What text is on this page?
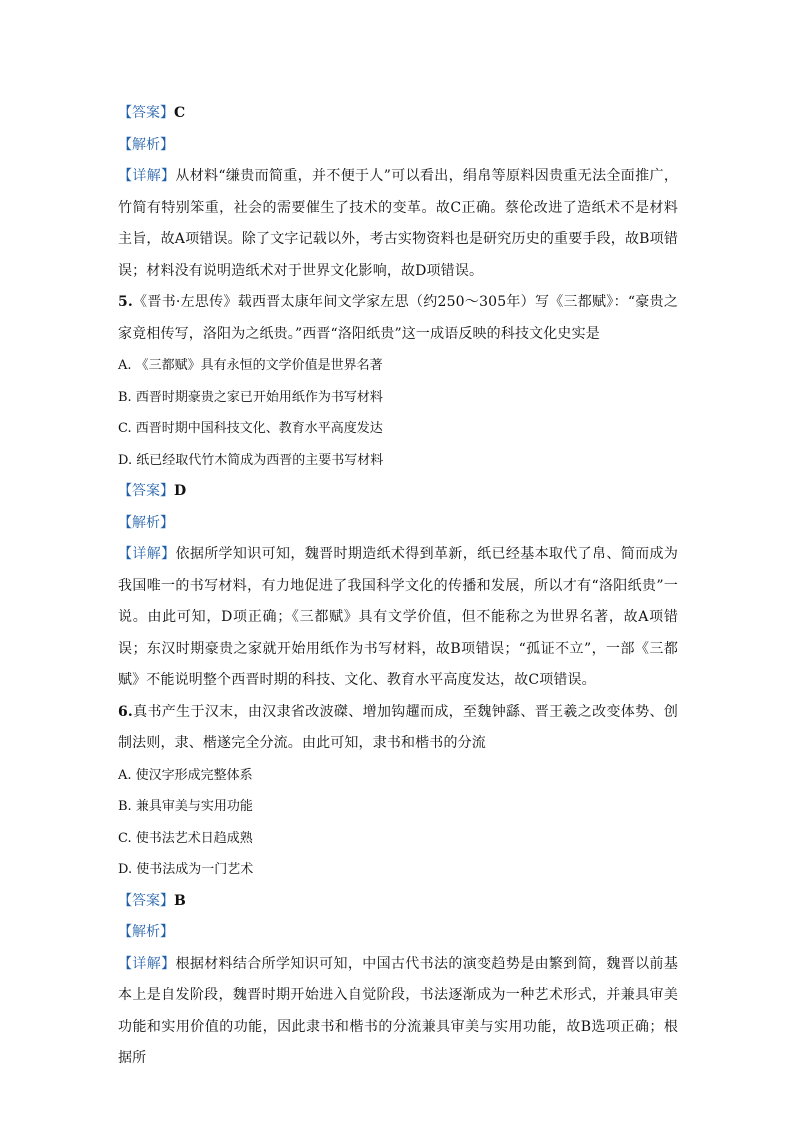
【答案】C
【解析】
【详解】从材料“缣贵而简重，并不便于人”可以看出，绢帛等原料因贵重无法全面推广，竹简有特别笨重，社会的需要催生了技术的变革。故C正确。蔡伦改进了造纸术不是材料主旨，故A项错误。除了文字记载以外，考古实物资料也是研究历史的重要手段，故B项错误；材料没有说明造纸术对于世界文化影响，故D项错误。
5.《晋书·左思传》载西晋太康年间文学家左思（约250～305年）写《三都赋》：“豪贵之家竟相传写，洛阳为之纸贵。”西晋“洛阳纸贵”这一成语反映的科技文化史实是
A. 《三都赋》具有永恒的文学价值是世界名著
B. 西晋时期豪贵之家已开始用纸作为书写材料
C. 西晋时期中国科技文化、教育水平高度发达
D. 纸已经取代竹木简成为西晋的主要书写材料
【答案】D
【解析】
【详解】依据所学知识可知，魏晋时期造纸术得到革新，纸已经基本取代了帛、简而成为我国唯一的书写材料，有力地促进了我国科学文化的传播和发展，所以才有“洛阳纸贵”一说。由此可知，D项正确；《三都赋》具有文学价值，但不能称之为世界名著，故A项错误；东汉时期豪贵之家就开始用纸作为书写材料，故B项错误；“孤证不立”，一部《三都赋》不能说明整个西晋时期的科技、文化、教育水平高度发达，故C项错误。
6.真书产生于汉末，由汉隶省改波磔、增加钩趯而成，至魏钟繇、晋王羲之改变体势、创制法则，隶、楷遂完全分流。由此可知，隶书和楷书的分流
A. 使汉字形成完整体系
B. 兼具审美与实用功能
C. 使书法艺术日趋成熟
D. 使书法成为一门艺术
【答案】B
【解析】
【详解】根据材料结合所学知识可知，中国古代书法的演变趋势是由繁到简，魏晋以前基本上是自发阶段，魏晋时期开始进入自觉阶段，书法逐渐成为一种艺术形式，并兼具审美功能和实用价值的功能，因此隶书和楷书的分流兼具审美与实用功能，故B选项正确；根据所
